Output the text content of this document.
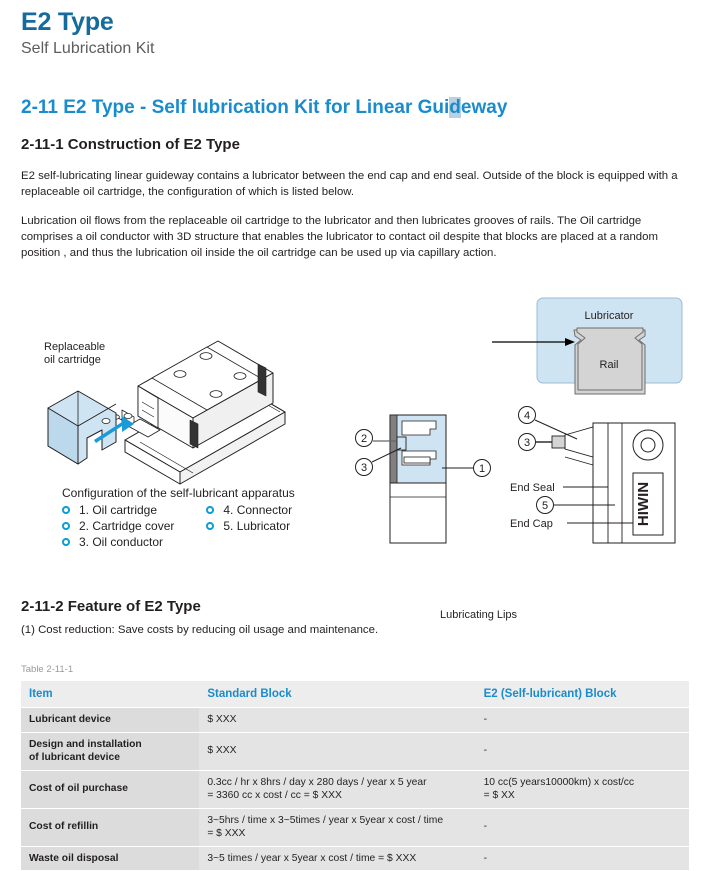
E2 Type
Self Lubrication Kit
2-11 E2 Type - Self lubrication Kit for Linear Guideway
2-11-1 Construction of E2 Type
E2 self-lubricating linear guideway contains a lubricator between the end cap and end seal. Outside of the block is equipped with a replaceable oil cartridge, the configuration of which is listed below.
Lubrication oil flows from the replaceable oil cartridge to the lubricator and then lubricates grooves of rails. The Oil cartridge comprises a oil conductor with 3D structure that enables the lubricator to contact oil despite that blocks are placed at a random position , and thus the lubrication oil inside the oil cartridge can be used up via capillary action.
Replaceable
oil cartridge
Lubricating Lips
Lubricator
Rail
2
3	1
HIWIN
4
3
5
End Seal
End Cap
Configuration of the self-lubricant apparatus
1. Oil cartridge
2. Cartridge cover
3. Oil conductor
4. Connector
5. Lubricator
2-11-2 Feature of E2 Type
(1) Cost reduction: Save costs by reducing oil usage and maintenance.
Table 2-11-1
Item	Standard Block	E2 (Self-lubricant) Block

Lubricant device	$ XXX	-

Design and installation
of lubricant device	$ XXX	-

Cost of oil purchase	0.3cc / hr x 8hrs / day x 280 days / year x 5 year
= 3360 cc x cost / cc = $ XXX	10 cc(5 years10000km) x cost/cc
= $ XX

Cost of refillin	3~5hrs / time x 3~5times / year x 5year x cost / time
= $ XXX	-

Waste oil disposal	3~5 times / year x 5year x cost / time = $ XXX	-
